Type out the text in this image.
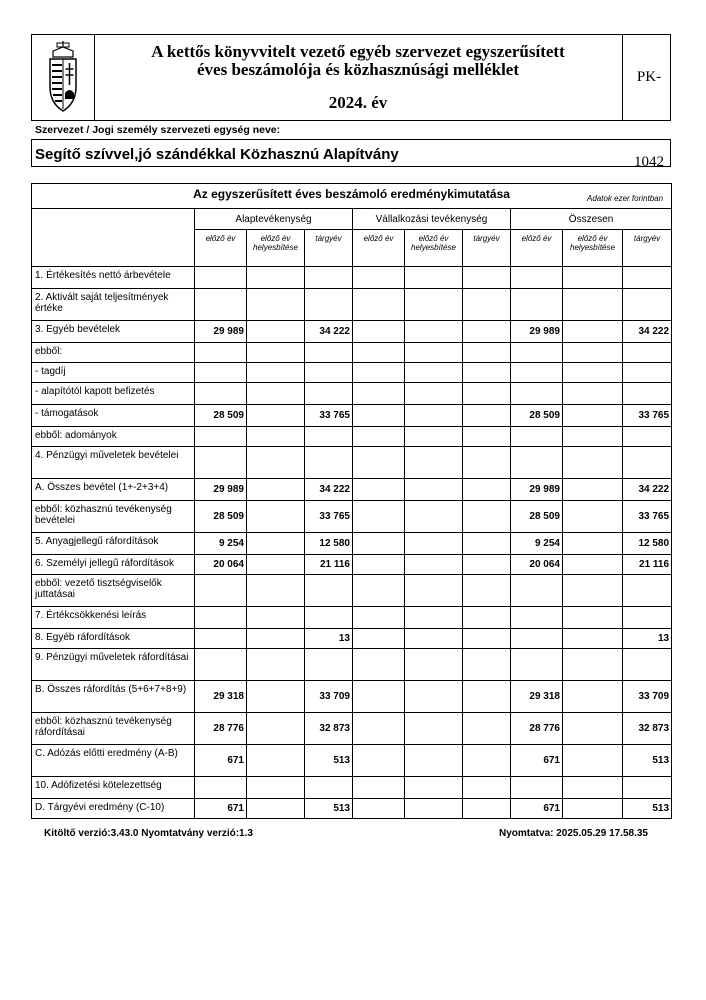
A kettős könyvvitelt vezető egyéb szervezet egyszerűsített
éves beszámolója és közhasznúsági melléklet
2024. év
PK-1042
Szervezet / Jogi személy szervezeti egység neve:
Segítő szívvel,jó szándékkal Közhasznú Alapítvány
Az egyszerűsített éves beszámoló eredménykimutatása Adatok ezer forintban									

	Alaptevékenység			Vállalkozási tevékenység			Összesen		
	előző év	előző év helyesbítése	tárgyév	előző év	előző év helyesbítése	tárgyév	előző év	előző év helyesbítése	tárgyév
1. Értékesítés nettó árbevétele									
2. Aktivált saját teljesítmények értéke									
3. Egyéb bevételek	29 989		34 222				29 989		34 222
ebből:									
- tagdíj									
- alapítótól kapott befizetés									
- támogatások	28 509		33 765				28 509		33 765
ebből: adományok									
4. Pénzügyi műveletek bevételei									
A. Összes bevétel (1+-2+3+4)	29 989		34 222				29 989		34 222
ebből: közhasznú tevékenység bevételei	28 509		33 765				28 509		33 765
5. Anyagjellegű ráfordítások	9 254		12 580				9 254		12 580
6. Személyi jellegű ráfordítások	20 064		21 116				20 064		21 116
ebből: vezető tisztségviselők juttatásai									
7. Értékcsökkenési leírás									
8. Egyéb ráfordítások			13						13
9. Pénzügyi műveletek ráfordításai									
B. Összes ráfordítás (5+6+7+8+9)	29 318		33 709				29 318		33 709
ebből: közhasznú tevékenység ráfordításai	28 776		32 873				28 776		32 873
C. Adózás előtti eredmény (A-B)	671		513				671		513
10. Adófizetési kötelezettség									
D. Tárgyévi eredmény (C-10)	671		513				671		513
Kitöltő verzió:3.43.0 Nyomtatvány verzió:1.3	Nyomtatva: 2025.05.29 17.58.35
